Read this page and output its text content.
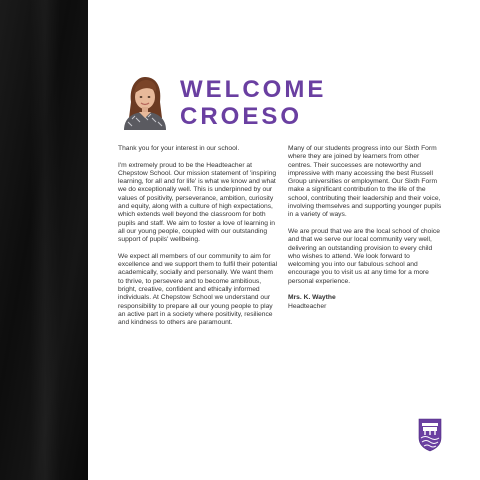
WELCOME
CROESO

Thank you for your interest in our school.

I'm extremely proud to be the Headteacher at Chepstow School. Our mission statement of 'inspiring learning, for all and for life' is what we know and what we do exceptionally well. This is underpinned by our values of positivity, perseverance, ambition, curiosity and equity, along with a culture of high expectations, which extends well beyond the classroom for both pupils and staff. We aim to foster a love of learning in all our young people, coupled with our outstanding support of pupils' wellbeing.

We expect all members of our community to aim for excellence and we support them to fulfil their potential academically, socially and personally. We want them to thrive, to persevere and to become ambitious, bright, creative, confident and ethically informed individuals. At Chepstow School we understand our responsibility to prepare all our young people to play an active part in a society where positivity, resilience and kindness to others are paramount.

Many of our students progress into our Sixth Form where they are joined by learners from other centres. Their successes are noteworthy and impressive with many accessing the best Russell Group universities or employment. Our Sixth Form make a significant contribution to the life of the school, contributing their leadership and their voice, involving themselves and supporting younger pupils in a variety of ways.

We are proud that we are the local school of choice and that we serve our local community very well, delivering an outstanding provision to every child who wishes to attend. We look forward to welcoming you into our fabulous school and encourage you to visit us at any time for a more personal experience.

Mrs. K. Waythe
Headteacher
